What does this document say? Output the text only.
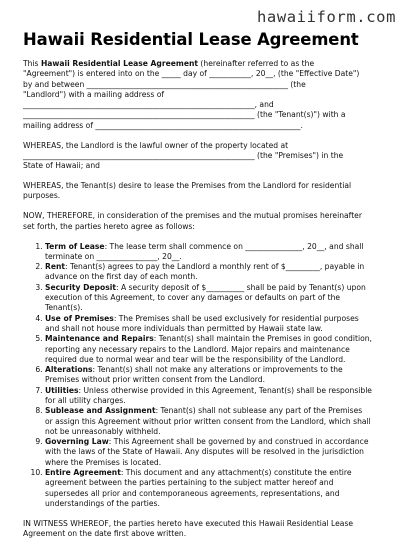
hawaiiform.com
Hawaii Residential Lease Agreement

This Hawaii Residential Lease Agreement (hereinafter referred to as the
"Agreement") is entered into on the _____ day of ___________, 20__, (the "Effective Date")
by and between _____________________________________________________ (the
"Landlord") with a mailing address of
_____________________________________________________________, and
_____________________________________________________________ (the "Tenant(s)") with a
mailing address of ______________________________________________________.

WHEREAS, the Landlord is the lawful owner of the property located at
_____________________________________________________________ (the "Premises") in the
State of Hawaii; and

WHEREAS, the Tenant(s) desire to lease the Premises from the Landlord for residential
purposes.

NOW, THEREFORE, in consideration of the premises and the mutual promises hereinafter
set forth, the parties hereto agree as follows:

1. Term of Lease: The lease term shall commence on _______________, 20__, and shall
terminate on ________________, 20__.
2. Rent: Tenant(s) agrees to pay the Landlord a monthly rent of $_________, payable in
advance on the first day of each month.
3. Security Deposit: A security deposit of $__________ shall be paid by Tenant(s) upon
execution of this Agreement, to cover any damages or defaults on part of the
Tenant(s).
4. Use of Premises: The Premises shall be used exclusively for residential purposes
and shall not house more individuals than permitted by Hawaii state law.
5. Maintenance and Repairs: Tenant(s) shall maintain the Premises in good condition,
reporting any necessary repairs to the Landlord. Major repairs and maintenance
required due to normal wear and tear will be the responsibility of the Landlord.
6. Alterations: Tenant(s) shall not make any alterations or improvements to the
Premises without prior written consent from the Landlord.
7. Utilities: Unless otherwise provided in this Agreement, Tenant(s) shall be responsible
for all utility charges.
8. Sublease and Assignment: Tenant(s) shall not sublease any part of the Premises
or assign this Agreement without prior written consent from the Landlord, which shall
not be unreasonably withheld.
9. Governing Law: This Agreement shall be governed by and construed in accordance
with the laws of the State of Hawaii. Any disputes will be resolved in the jurisdiction
where the Premises is located.
10. Entire Agreement: This document and any attachment(s) constitute the entire
agreement between the parties pertaining to the subject matter hereof and
supersedes all prior and contemporaneous agreements, representations, and
understandings of the parties.

IN WITNESS WHEREOF, the parties hereto have executed this Hawaii Residential Lease
Agreement on the date first above written.
